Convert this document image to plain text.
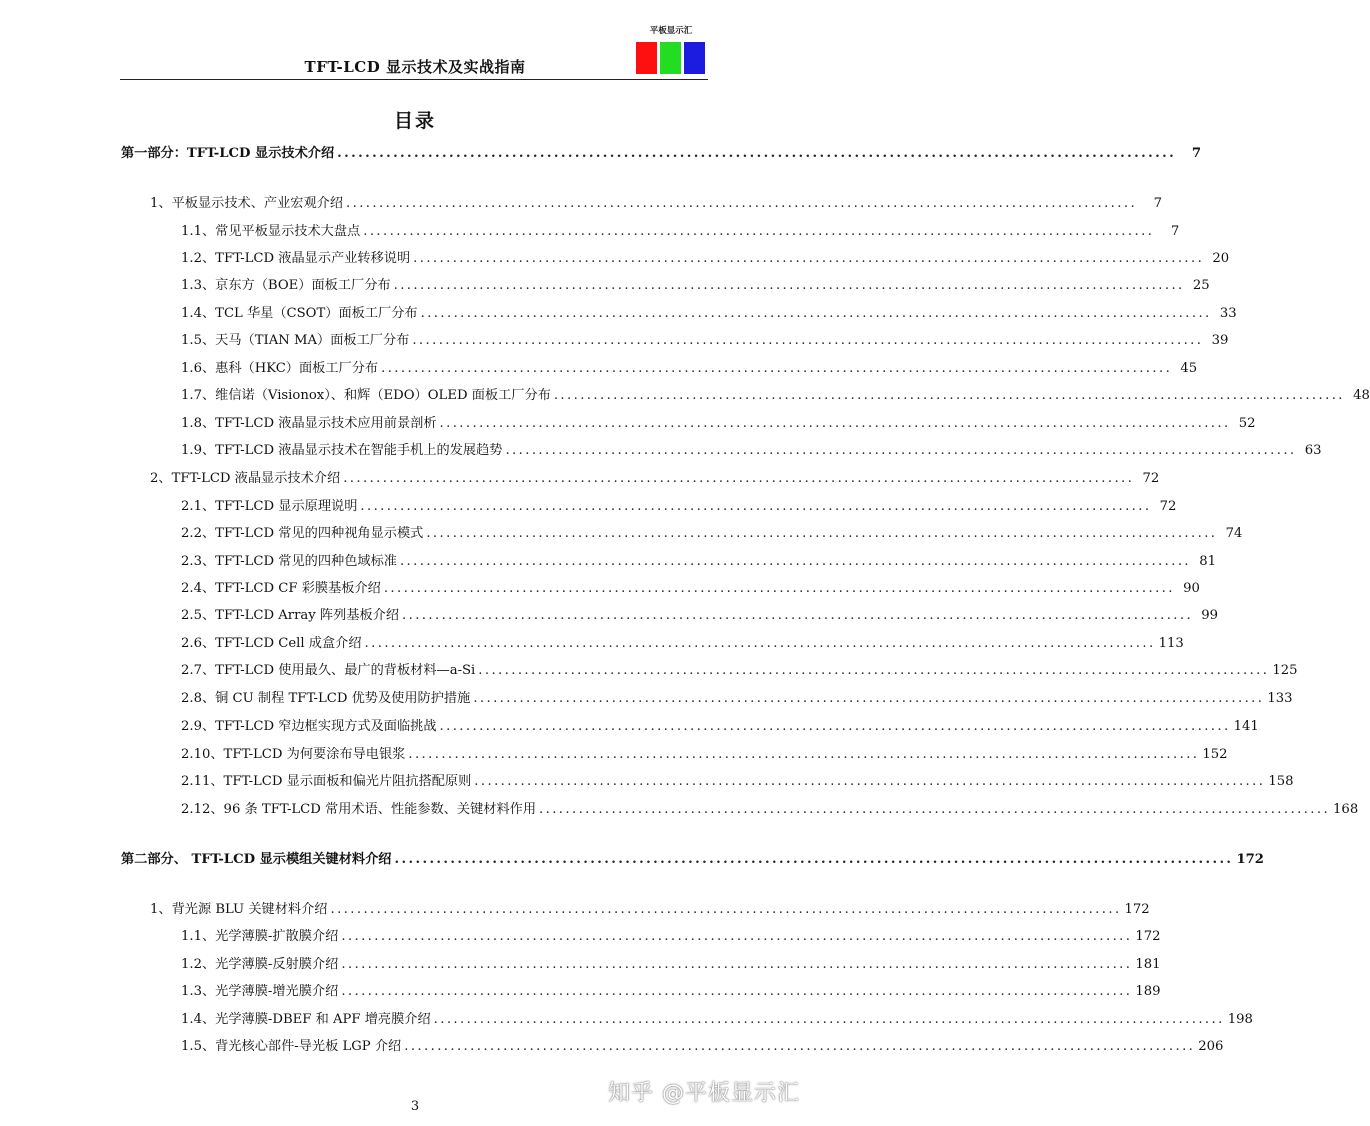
TFT-LCD 显示技术及实战指南
平板显示汇
目录
第一部分：TFT-LCD 显示技术介绍 ........................................................................................................................	7
1、平板显示技术、产业宏观介绍 ........................................................................................................................	7
1.1、常见平板显示技术大盘点 ........................................................................................................................	7
1.2、TFT-LCD 液晶显示产业转移说明 ........................................................................................................................ 20
1.3、京东方（BOE）面板工厂分布 ........................................................................................................................ 25
1.4、TCL 华星（CSOT）面板工厂分布 ........................................................................................................................ 33
1.5、天马（TIAN MA）面板工厂分布 ........................................................................................................................ 39
1.6、惠科（HKC）面板工厂分布 ........................................................................................................................ 45
1.7、维信诺（Visionox）、和辉（EDO）OLED 面板工厂分布 ........................................................................................................................ 48
1.8、TFT-LCD 液晶显示技术应用前景剖析 ........................................................................................................................ 52
1.9、TFT-LCD 液晶显示技术在智能手机上的发展趋势 ........................................................................................................................ 63
2、TFT-LCD 液晶显示技术介绍 ........................................................................................................................ 72
2.1、TFT-LCD 显示原理说明 ........................................................................................................................ 72
2.2、TFT-LCD 常见的四种视角显示模式 ........................................................................................................................ 74
2.3、TFT-LCD 常见的四种色域标准 ........................................................................................................................ 81
2.4、TFT-LCD CF 彩膜基板介绍 ........................................................................................................................ 90
2.5、TFT-LCD Array 阵列基板介绍 ........................................................................................................................ 99
2.6、TFT-LCD Cell 成盒介绍 ........................................................................................................................ 113
2.7、TFT-LCD 使用最久、最广的背板材料—a-Si ........................................................................................................................ 125
2.8、铜 CU 制程 TFT-LCD 优势及使用防护措施 ........................................................................................................................ 133
2.9、TFT-LCD 窄边框实现方式及面临挑战 ........................................................................................................................ 141
2.10、TFT-LCD 为何要涂布导电银浆 ........................................................................................................................ 152
2.11、TFT-LCD 显示面板和偏光片阻抗搭配原则 ........................................................................................................................ 158
2.12、96 条 TFT-LCD 常用术语、性能参数、关键材料作用 ........................................................................................................................ 168
第二部分、 TFT-LCD 显示模组关键材料介绍 ........................................................................................................................ 172
1、背光源 BLU 关键材料介绍 ........................................................................................................................ 172
1.1、光学薄膜-扩散膜介绍 ........................................................................................................................ 172
1.2、光学薄膜-反射膜介绍 ........................................................................................................................ 181
1.3、光学薄膜-增光膜介绍 ........................................................................................................................ 189
1.4、光学薄膜-DBEF 和 APF 增亮膜介绍 ........................................................................................................................ 198
1.5、背光核心部件-导光板 LGP 介绍 ........................................................................................................................ 206
3
知乎 @平板显示汇
